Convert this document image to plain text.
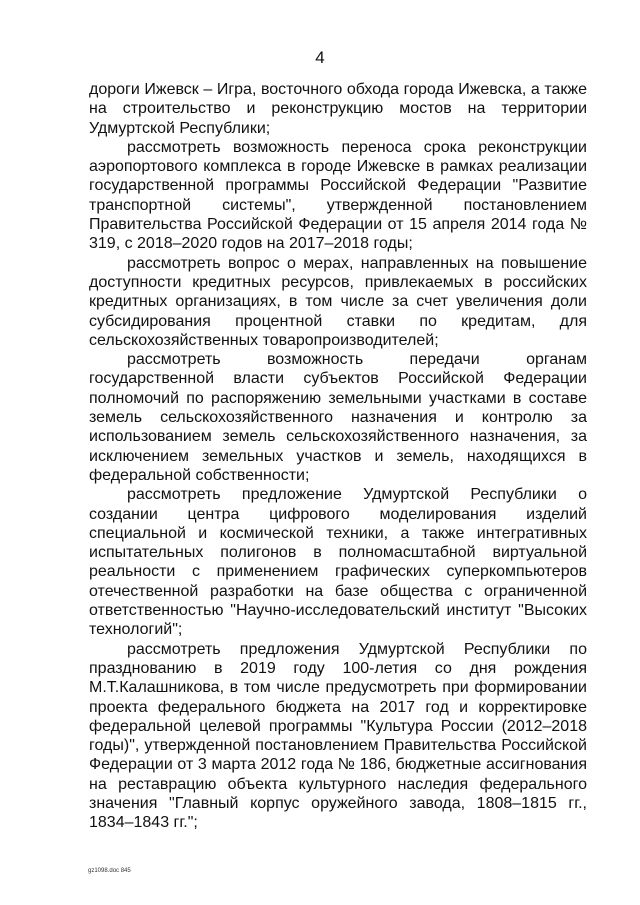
4

дороги Ижевск – Игра, восточного обхода города Ижевска, а также на строительство и реконструкцию мостов на территории Удмуртской Республики;

рассмотреть возможность переноса срока реконструкции аэропортового комплекса в городе Ижевске в рамках реализации государственной программы Российской Федерации "Развитие транспортной системы", утвержденной постановлением Правительства Российской Федерации от 15 апреля 2014 года № 319, с 2018–2020 годов на 2017–2018 годы;

рассмотреть вопрос о мерах, направленных на повышение доступности кредитных ресурсов, привлекаемых в российских кредитных организациях, в том числе за счет увеличения доли субсидирования процентной ставки по кредитам, для сельскохозяйственных товаропроизводителей;

рассмотреть возможность передачи органам государственной власти субъектов Российской Федерации полномочий по распоряжению земельными участками в составе земель сельскохозяйственного назначения и контролю за использованием земель сельскохозяйственного назначения, за исключением земельных участков и земель, находящихся в федеральной собственности;

рассмотреть предложение Удмуртской Республики о создании центра цифрового моделирования изделий специальной и космической техники, а также интегративных испытательных полигонов в полномасштабной виртуальной реальности с применением графических суперкомпьютеров отечественной разработки на базе общества с ограниченной ответственностью "Научно-исследовательский институт "Высоких технологий";

рассмотреть предложения Удмуртской Республики по празднованию в 2019 году 100-летия со дня рождения М.Т.Калашникова, в том числе предусмотреть при формировании проекта федерального бюджета на 2017 год и корректировке федеральной целевой программы "Культура России (2012–2018 годы)", утвержденной постановлением Правительства Российской Федерации от 3 марта 2012 года № 186, бюджетные ассигнования на реставрацию объекта культурного наследия федерального значения "Главный корпус оружейного завода, 1808–1815 гг., 1834–1843 гг.";

gz1098.doc 845
